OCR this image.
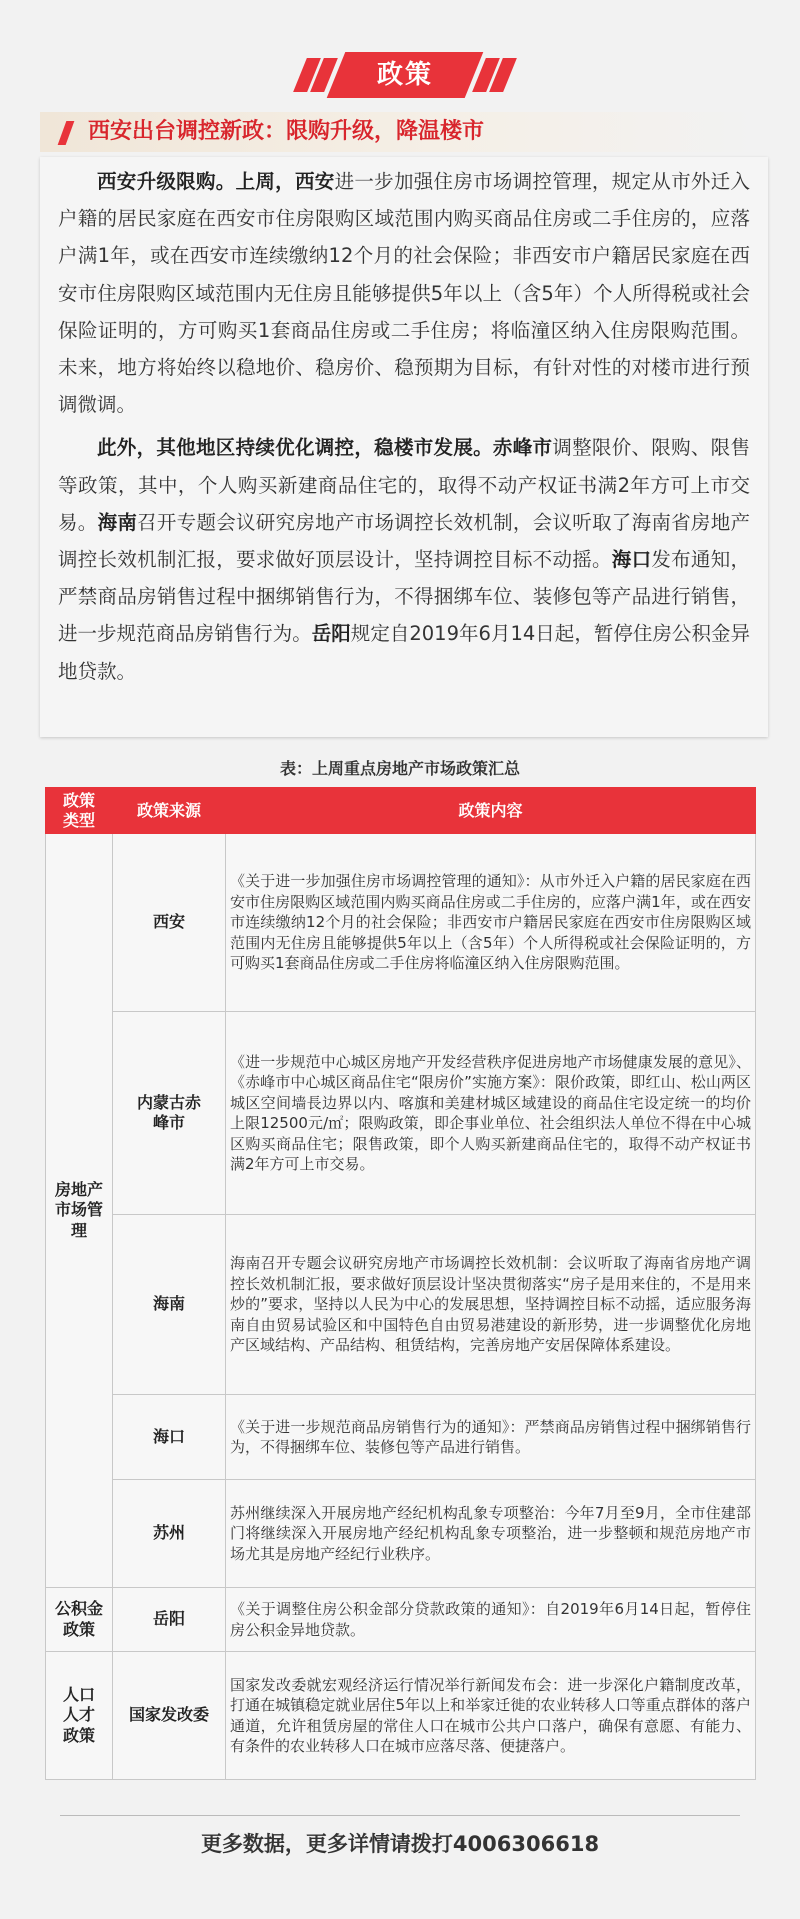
政策
西安出台调控新政：限购升级，降温楼市

西安升级限购。上周，西安进一步加强住房市场调控管理，规定从市外迁入户籍的居民家庭在西安市住房限购区域范围内购买商品住房或二手住房的，应落户满1年，或在西安市连续缴纳12个月的社会保险；非西安市户籍居民家庭在西安市住房限购区域范围内无住房且能够提供5年以上（含5年）个人所得税或社会保险证明的，方可购买1套商品住房或二手住房；将临潼区纳入住房限购范围。未来，地方将始终以稳地价、稳房价、稳预期为目标，有针对性的对楼市进行预调微调。

此外，其他地区持续优化调控，稳楼市发展。赤峰市调整限价、限购、限售等政策，其中，个人购买新建商品住宅的，取得不动产权证书满2年方可上市交易。海南召开专题会议研究房地产市场调控长效机制，会议听取了海南省房地产调控长效机制汇报，要求做好顶层设计，坚持调控目标不动摇。海口发布通知，严禁商品房销售过程中捆绑销售行为，不得捆绑车位、装修包等产品进行销售，进一步规范商品房销售行为。岳阳规定自2019年6月14日起，暂停住房公积金异地贷款。

表：上周重点房地产市场政策汇总
政策类型	政策来源	政策内容
房地产市场管理	西安	《关于进一步加强住房市场调控管理的通知》：从市外迁入户籍的居民家庭在西安市住房限购区域范围内购买商品住房或二手住房的，应落户满1年，或在西安市连续缴纳12个月的社会保险；非西安市户籍居民家庭在西安市住房限购区域范围内无住房且能够提供5年以上（含5年）个人所得税或社会保险证明的，方可购买1套商品住房或二手住房将临潼区纳入住房限购范围。
	内蒙古赤峰市	《进一步规范中心城区房地产开发经营秩序促进房地产市场健康发展的意见》、《赤峰市中心城区商品住宅“限房价”实施方案》：限价政策，即红山、松山两区城区空间墙長边界以内、喀旗和美建材城区域建设的商品住宅设定统一的均价上限12500元/㎡；限购政策，即企事业单位、社会组织法人单位不得在中心城区购买商品住宅；限售政策，即个人购买新建商品住宅的，取得不动产权证书满2年方可上市交易。
	海南	海南召开专题会议研究房地产市场调控长效机制：会议听取了海南省房地产调控长效机制汇报，要求做好顶层设计坚决贯彻落实“房子是用来住的，不是用来炒的”要求，坚持以人民为中心的发展思想，坚持调控目标不动摇，适应服务海南自由贸易试验区和中国特色自由贸易港建设的新形势，进一步调整优化房地产区域结构、产品结构、租赁结构，完善房地产安居保障体系建设。
	海口	《关于进一步规范商品房销售行为的通知》：严禁商品房销售过程中捆绑销售行为，不得捆绑车位、装修包等产品进行销售。
	苏州	苏州继续深入开展房地产经纪机构乱象专项整治：今年7月至9月，全市住建部门将继续深入开展房地产经纪机构乱象专项整治，进一步整顿和规范房地产市场尤其是房地产经纪行业秩序。
公积金政策	岳阳	《关于调整住房公积金部分贷款政策的通知》：自2019年6月14日起，暂停住房公积金异地贷款。
人口人才政策	国家发改委	国家发改委就宏观经济运行情况举行新闻发布会：进一步深化户籍制度改革，打通在城镇稳定就业居住5年以上和举家迁徙的农业转移人口等重点群体的落户通道，允许租赁房屋的常住人口在城市公共户口落户，确保有意愿、有能力、有条件的农业转移人口在城市应落尽落、便捷落户。
更多数据，更多详情请拨打4006306618
